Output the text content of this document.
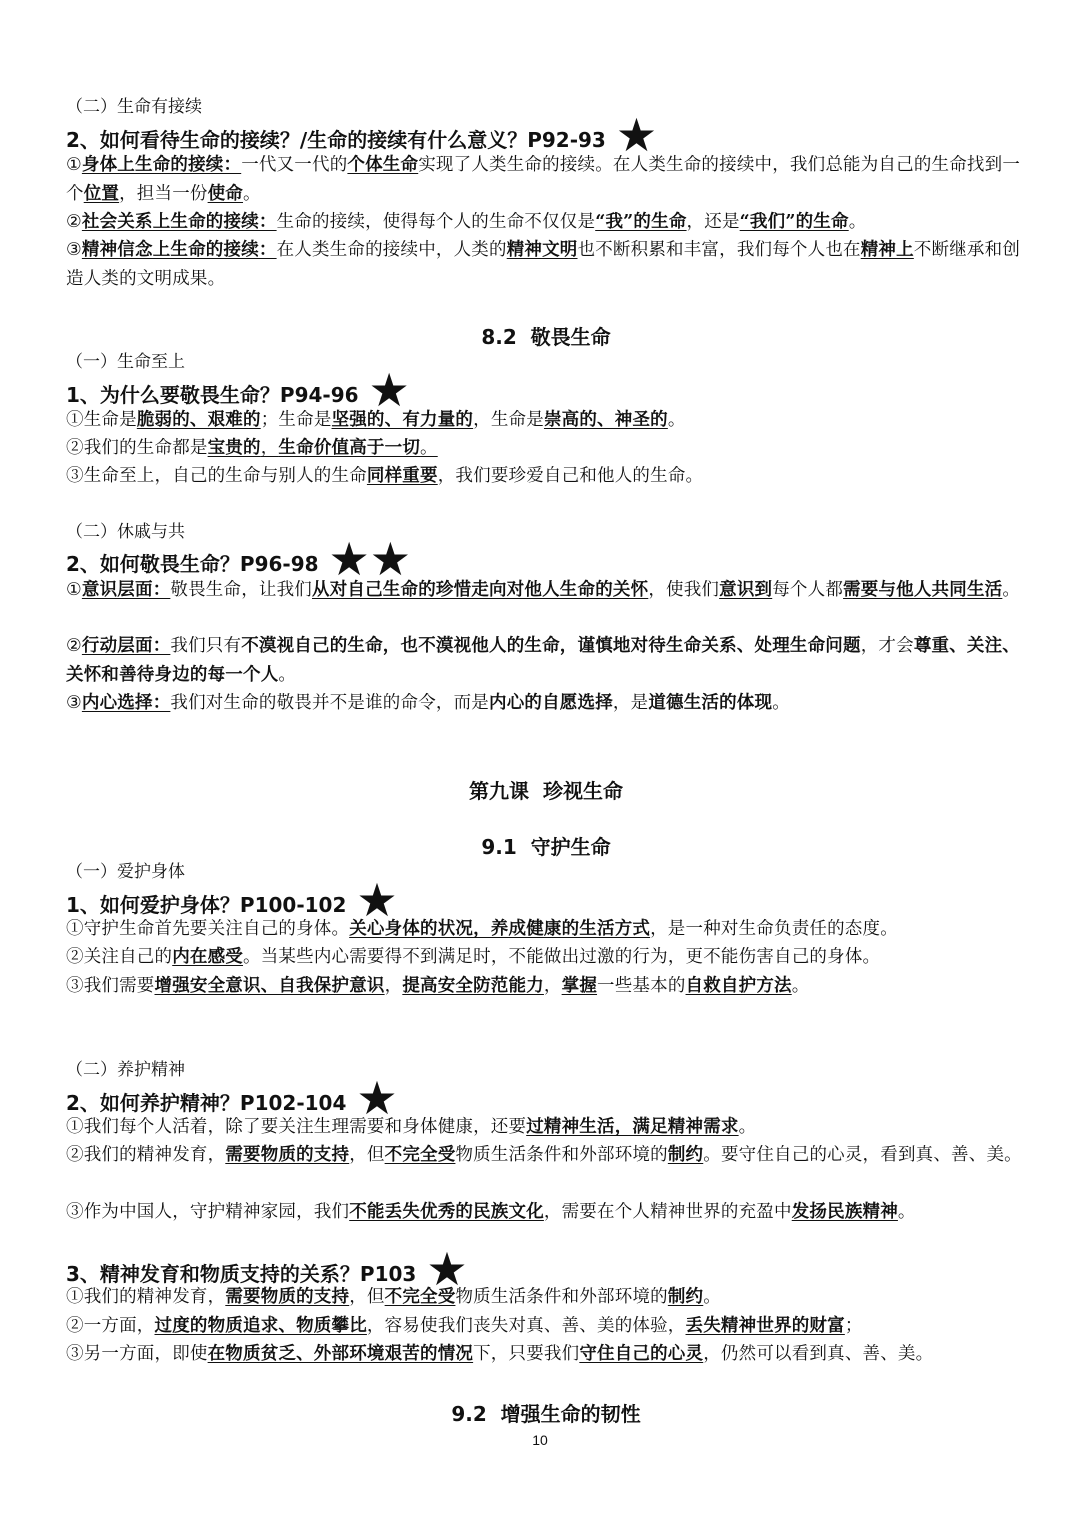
（二）生命有接续
2、如何看待生命的接续？/生命的接续有什么意义？P92-93 ★
①身体上生命的接续：一代又一代的个体生命实现了人类生命的接续。在人类生命的接续中，我们总能为自己的生命找到一个位置，担当一份使命。
②社会关系上生命的接续：生命的接续，使得每个人的生命不仅仅是“我”的生命，还是“我们”的生命。
③精神信念上生命的接续：在人类生命的接续中，人类的精神文明也不断积累和丰富，我们每个人也在精神上不断继承和创造人类的文明成果。
8.2  敬畏生命
（一）生命至上
1、为什么要敬畏生命？P94-96 ★
①生命是脆弱的、艰难的；生命是坚强的、有力量的，生命是崇高的、神圣的。
②我们的生命都是宝贵的，生命价值高于一切。
③生命至上，自己的生命与别人的生命同样重要，我们要珍爱自己和他人的生命。
（二）休戚与共
2、如何敬畏生命？P96-98 ★★
①意识层面：敬畏生命，让我们从对自己生命的珍惜走向对他人生命的关怀，使我们意识到每个人都需要与他人共同生活。
②行动层面：我们只有不漠视自己的生命，也不漠视他人的生命，谨慎地对待生命关系、处理生命问题，才会尊重、关注、关怀和善待身边的每一个人。
③内心选择：我们对生命的敬畏并不是谁的命令，而是内心的自愿选择，是道德生活的体现。
第九课  珍视生命
9.1  守护生命
（一）爱护身体
1、如何爱护身体？P100-102 ★
①守护生命首先要关注自己的身体。关心身体的状况，养成健康的生活方式，是一种对生命负责任的态度。
②关注自己的内在感受。当某些内心需要得不到满足时，不能做出过激的行为，更不能伤害自己的身体。
③我们需要增强安全意识、自我保护意识，提高安全防范能力，掌握一些基本的自救自护方法。
（二）养护精神
2、如何养护精神？P102-104 ★
①我们每个人活着，除了要关注生理需要和身体健康，还要过精神生活，满足精神需求。
②我们的精神发育，需要物质的支持，但不完全受物质生活条件和外部环境的制约。要守住自己的心灵，看到真、善、美。
③作为中国人，守护精神家园，我们不能丢失优秀的民族文化，需要在个人精神世界的充盈中发扬民族精神。
3、精神发育和物质支持的关系？P103 ★
①我们的精神发育，需要物质的支持，但不完全受物质生活条件和外部环境的制约。
②一方面，过度的物质追求、物质攀比，容易使我们丧失对真、善、美的体验，丢失精神世界的财富；
③另一方面，即使在物质贫乏、外部环境艰苦的情况下，只要我们守住自己的心灵，仍然可以看到真、善、美。
9.2  增强生命的韧性
10
